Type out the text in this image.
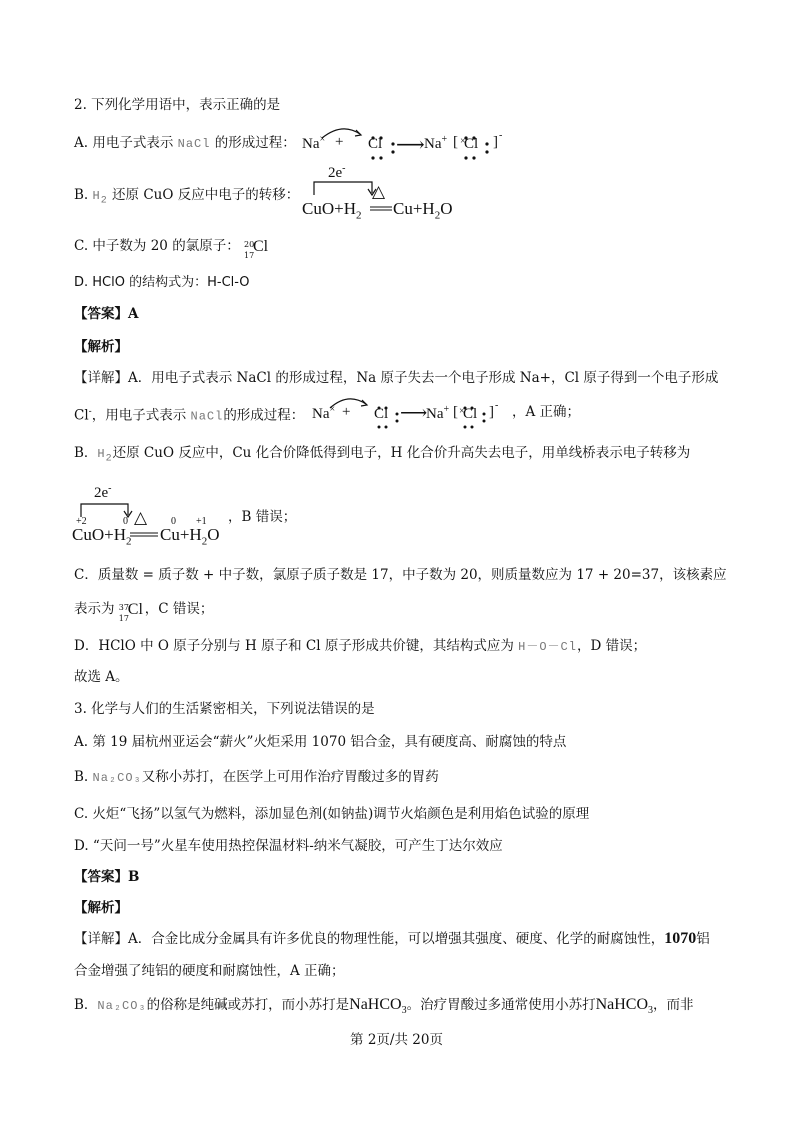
2. 下列化学用语中，表示正确的是
A. 用电子式表示 NaCl 的形成过程： Na× + Cl ⟶ Na+ [ ×
Cl ] -
B. $H_2$ 还原 CuO 反应中电子的转移：
2e-
△
$CuO+H_2$ $Cu+H_2O$
C. 中子数为 20 的氯原子： 20
17
Cl
D. HClO 的结构式为：H-Cl-O
【答案】A
【解析】
【详解】A．用电子式表示 NaCl 的形成过程，Na 原子失去一个电子形成 Na+，Cl 原子得到一个电子形成
Cl-，用电子式表示 NaCl的形成过程： Na× + Cl ⟶
Na+ [ ×
Cl ] - ，A 正确；
B．$H_2$还原 CuO 反应中，Cu 化合价降低得到电子，H 化合价升高失去电子，用单线桥表示电子转移为
2e-
+2	0 △ 0 +1
$CuO+H_2$ $Cu+H_2O$
，B 错误；
C．质量数 = 质子数 + 中子数，氯原子质子数是 17，中子数为 20，则质量数应为 17 + 20=37，该核素应
表示为 37
17
Cl ，C 错误；
D．HClO 中 O 原子分别与 H 原子和 Cl 原子形成共价键，其结构式应为 H－O－Cl，D 错误；
故选 A。
3. 化学与人们的生活紧密相关，下列说法错误的是
A. 第 19 届杭州亚运会“薪火”火炬采用 1070 铝合金，具有硬度高、耐腐蚀的特点
B. Na₂CO₃又称小苏打，在医学上可用作治疗胃酸过多的胃药
C. 火炬“飞扬”以氢气为燃料，添加显色剂(如钠盐)调节火焰颜色是利用焰色试验的原理
D. “天问一号”火星车使用热控保温材料-纳米气凝胶，可产生丁达尔效应
【答案】B
【解析】
【详解】A．合金比成分金属具有许多优良的物理性能，可以增强其强度、硬度、化学的耐腐蚀性，1070铝
合金增强了纯铝的硬度和耐腐蚀性，A 正确；
B．Na₂CO₃的俗称是纯碱或苏打，而小苏打是NaHCO$_3$。治疗胃酸过多通常使用小苏打NaHCO$_3$，而非
第 2页/共 20页
